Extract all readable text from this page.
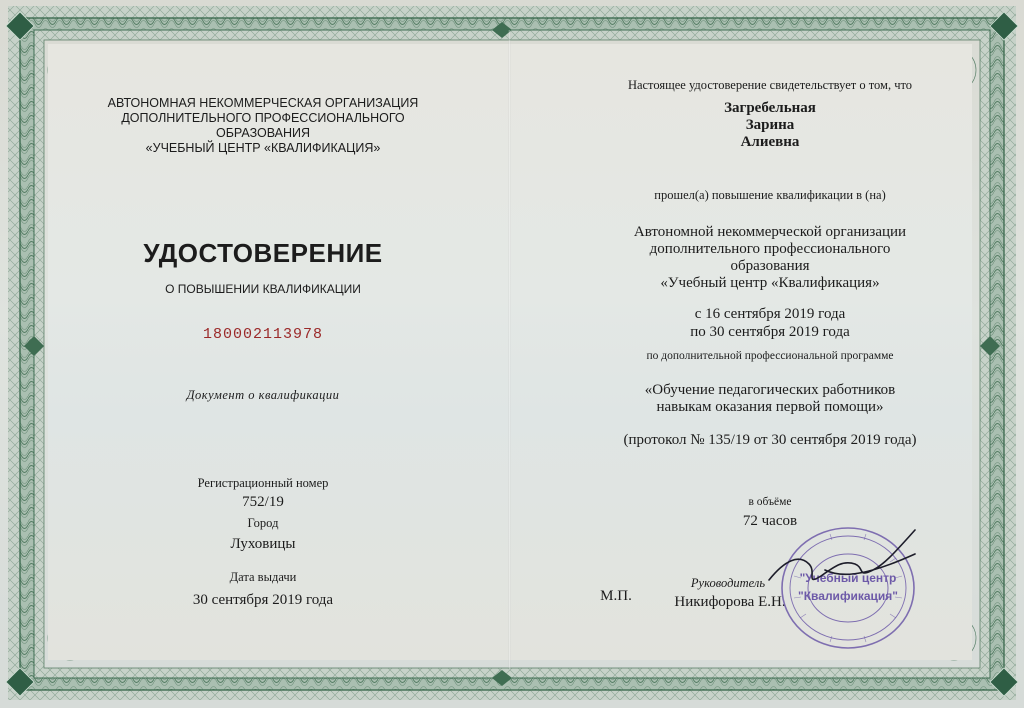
АВТОНОМНАЯ НЕКОММЕРЧЕСКАЯ ОРГАНИЗАЦИЯ
ДОПОЛНИТЕЛЬНОГО ПРОФЕССИОНАЛЬНОГО
ОБРАЗОВАНИЯ
«УЧЕБНЫЙ ЦЕНТР «КВАЛИФИКАЦИЯ»
УДОСТОВЕРЕНИЕ
О ПОВЫШЕНИИ КВАЛИФИКАЦИИ
180002113978
Документ о квалификации
Регистрационный номер
752/19
Город
Луховицы
Дата выдачи
30 сентября 2019 года
Настоящее удостоверение свидетельствует о том, что
Загребельная
Зарина
Алиевна
прошел(а) повышение квалификации в (на)
Автономной некоммерческой организации
дополнительного профессионального
образования
«Учебный центр «Квалификация»
с 16 сентября 2019 года
по 30 сентября 2019 года
по дополнительной профессиональной программе
«Обучение педагогических работников
навыкам оказания первой помощи»
(протокол № 135/19 от 30 сентября 2019 года)
в объёме
72 часов
М.П.
Руководитель
Никифорова Е.Н.
"Учебный центр
"Квалификация"
